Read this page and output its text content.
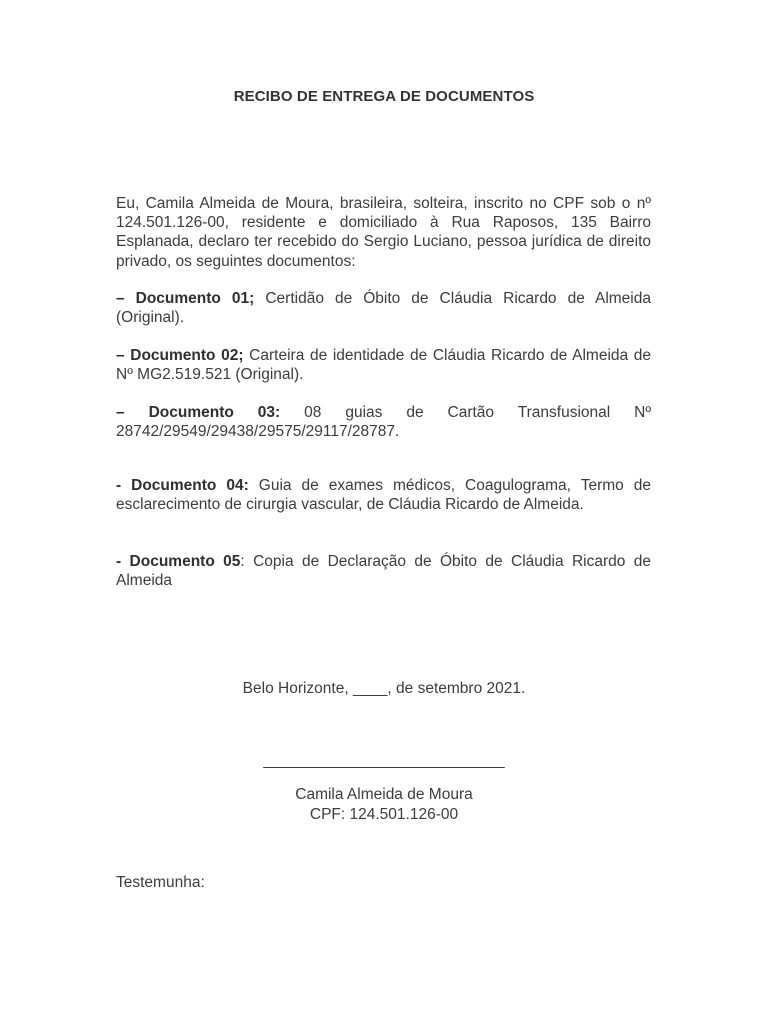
RECIBO DE ENTREGA DE DOCUMENTOS
Eu, Camila Almeida de Moura, brasileira, solteira, inscrito no CPF sob o nº 124.501.126-00, residente e domiciliado à Rua Raposos, 135 Bairro Esplanada, declaro ter recebido do Sergio Luciano, pessoa jurídica de direito privado, os seguintes documentos:
– Documento 01; Certidão de Óbito de Cláudia Ricardo de Almeida (Original).
– Documento 02; Carteira de identidade de Cláudia Ricardo de Almeida de Nº MG2.519.521 (Original).
– Documento 03: 08 guias de Cartão Transfusional Nº 28742/29549/29438/29575/29117/28787.
- Documento 04: Guia de exames médicos, Coagulograma, Termo de esclarecimento de cirurgia vascular, de Cláudia Ricardo de Almeida.
- Documento 05: Copia de Declaração de Óbito de Cláudia Ricardo de Almeida
Belo Horizonte, ____, de setembro 2021.
____________________________
Camila Almeida de Moura
CPF: 124.501.126-00
Testemunha:
